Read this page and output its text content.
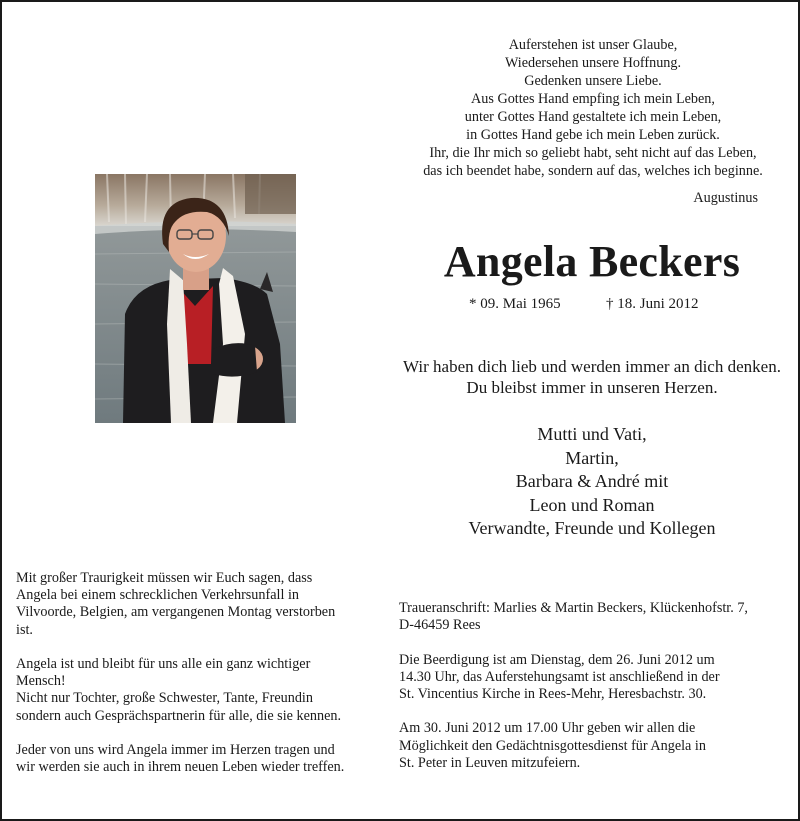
Auferstehen ist unser Glaube,
Wiedersehen unsere Hoffnung.
Gedenken unsere Liebe.
Aus Gottes Hand empfing ich mein Leben,
unter Gottes Hand gestaltete ich mein Leben,
in Gottes Hand gebe ich mein Leben zurück.
Ihr, die Ihr mich so geliebt habt, seht nicht auf das Leben,
das ich beendet habe, sondern auf das, welches ich beginne.
Augustinus
Angela Beckers
* 09. Mai 1965	† 18. Juni 2012
Wir haben dich lieb und werden immer an dich denken.
Du bleibst immer in unseren Herzen.
Mutti und Vati,
Martin,
Barbara & André mit
Leon und Roman
Verwandte, Freunde und Kollegen
Mit großer Traurigkeit müssen wir Euch sagen, dass
Angela bei einem schrecklichen Verkehrsunfall in
Vilvoorde, Belgien, am vergangenen Montag verstorben
ist.
Angela ist und bleibt für uns alle ein ganz wichtiger
Mensch!
Nicht nur Tochter, große Schwester, Tante, Freundin
sondern auch Gesprächspartnerin für alle, die sie kennen.
Jeder von uns wird Angela immer im Herzen tragen und
wir werden sie auch in ihrem neuen Leben wieder treffen.
Traueranschrift: Marlies & Martin Beckers, Klückenhofstr. 7,
D-46459 Rees
Die Beerdigung ist am Dienstag, dem 26. Juni 2012 um
14.30 Uhr, das Auferstehungsamt ist anschließend in der
St. Vincentius Kirche in Rees-Mehr, Heresbachstr. 30.
Am 30. Juni 2012 um 17.00 Uhr geben wir allen die
Möglichkeit den Gedächtnisgottesdienst für Angela in
St. Peter in Leuven mitzufeiern.
